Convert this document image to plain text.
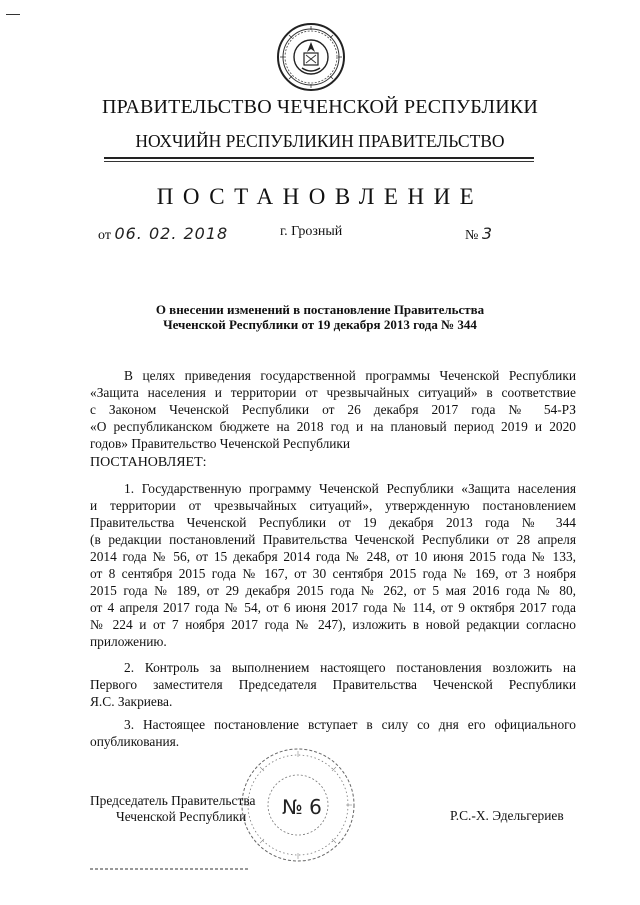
ПРАВИТЕЛЬСТВО ЧЕЧЕНСКОЙ РЕСПУБЛИКИ
НОХЧИЙН РЕСПУБЛИКИН ПРАВИТЕЛЬСТВО
ПОСТАНОВЛЕНИЕ
от 06. 02. 2018	г. Грозный	№ 3
О внесении изменений в постановление Правительства
Чеченской Республики от 19 декабря 2013 года № 344
В целях приведения государственной программы Чеченской Республики
«Защита населения и территории от чрезвычайных ситуаций» в соответствие
с Законом Чеченской Республики от 26 декабря 2017 года № 54-РЗ
«О республиканском бюджете на 2018 год и на плановый период 2019 и 2020
годов» Правительство Чеченской Республики
ПОСТАНОВЛЯЕТ:
1. Государственную программу Чеченской Республики «Защита населения
и территории от чрезвычайных ситуаций», утвержденную постановлением
Правительства Чеченской Республики от 19 декабря 2013 года № 344
(в редакции постановлений Правительства Чеченской Республики от 28 апреля
2014 года № 56, от 15 декабря 2014 года № 248, от 10 июня 2015 года № 133,
от 8 сентября 2015 года № 167, от 30 сентября 2015 года № 169, от 3 ноября
2015 года № 189, от 29 декабря 2015 года № 262, от 5 мая 2016 года № 80,
от 4 апреля 2017 года № 54, от 6 июня 2017 года № 114, от 9 октября 2017 года
№ 224 и от 7 ноября 2017 года № 247), изложить в новой редакции согласно
приложению.
2. Контроль за выполнением настоящего постановления возложить на
Первого заместителя Председателя Правительства Чеченской Республики
Я.С. Закриева.
3. Настоящее постановление вступает в силу со дня его официального
опубликования.
№ 6
Председатель Правительства
Чеченской Республики	Р.С.-Х. Эдельгериев
